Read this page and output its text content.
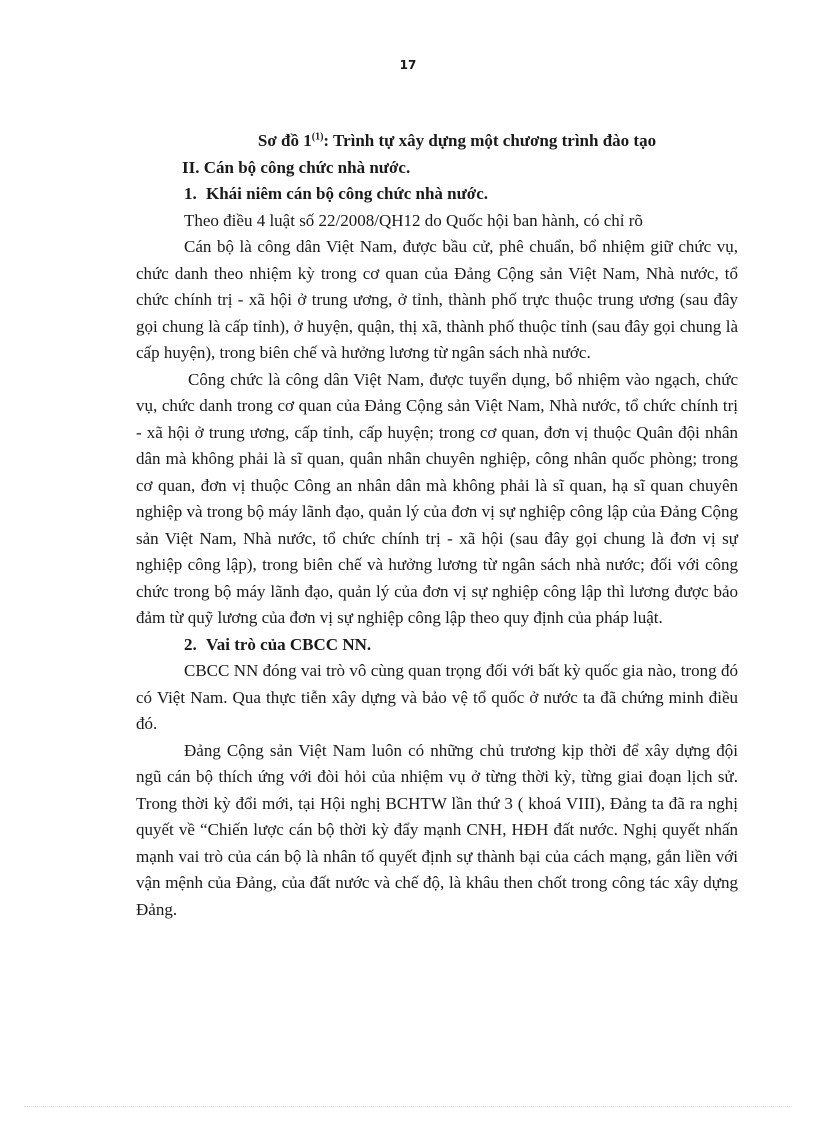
17
Sơ đồ 1$^{(1)}$: Trình tự xây dựng một chương trình đào tạo
II. Cán bộ công chức nhà nước.
1. Khái niêm cán bộ công chức nhà nước.

Theo điều 4 luật số 22/2008/QH12 do Quốc hội ban hành, có chỉ rõ

Cán bộ là công dân Việt Nam, được bầu cử, phê chuẩn, bổ nhiệm giữ chức vụ, chức danh theo nhiệm kỳ trong cơ quan của Đảng Cộng sản Việt Nam, Nhà nước, tổ chức chính trị - xã hội ở trung ương, ở tỉnh, thành phố trực thuộc trung ương (sau đây gọi chung là cấp tỉnh), ở huyện, quận, thị xã, thành phố thuộc tỉnh (sau đây gọi chung là cấp huyện), trong biên chế và hưởng lương từ ngân sách nhà nước.

Công chức là công dân Việt Nam, được tuyển dụng, bổ nhiệm vào ngạch, chức vụ, chức danh trong cơ quan của Đảng Cộng sản Việt Nam, Nhà nước, tổ chức chính trị - xã hội ở trung ương, cấp tỉnh, cấp huyện; trong cơ quan, đơn vị thuộc Quân đội nhân dân mà không phải là sĩ quan, quân nhân chuyên nghiệp, công nhân quốc phòng; trong cơ quan, đơn vị thuộc Công an nhân dân mà không phải là sĩ quan, hạ sĩ quan chuyên nghiệp và trong bộ máy lãnh đạo, quản lý của đơn vị sự nghiệp công lập của Đảng Cộng sản Việt Nam, Nhà nước, tổ chức chính trị - xã hội (sau đây gọi chung là đơn vị sự nghiệp công lập), trong biên chế và hưởng lương từ ngân sách nhà nước; đối với công chức trong bộ máy lãnh đạo, quản lý của đơn vị sự nghiệp công lập thì lương được bảo đảm từ quỹ lương của đơn vị sự nghiệp công lập theo quy định của pháp luật.

2. Vai trò của CBCC NN.

CBCC NN đóng vai trò vô cùng quan trọng đối với bất kỳ quốc gia nào, trong đó có Việt Nam. Qua thực tiễn xây dựng và bảo vệ tổ quốc ở nước ta đã chứng minh điều đó.

Đảng Cộng sản Việt Nam luôn có những chủ trương kịp thời để xây dựng đội ngũ cán bộ thích ứng với đòi hỏi của nhiệm vụ ở từng thời kỳ, từng giai đoạn lịch sử. Trong thời kỳ đổi mới, tại Hội nghị BCHTW lần thứ 3 ( khoá VIII), Đảng ta đã ra nghị quyết về “Chiến lược cán bộ thời kỳ đẩy mạnh CNH, HĐH đất nước. Nghị quyết nhấn mạnh vai trò của cán bộ là nhân tố quyết định sự thành bại của cách mạng, gắn liền với vận mệnh của Đảng, của đất nước và chế độ, là khâu then chốt trong công tác xây dựng Đảng.
